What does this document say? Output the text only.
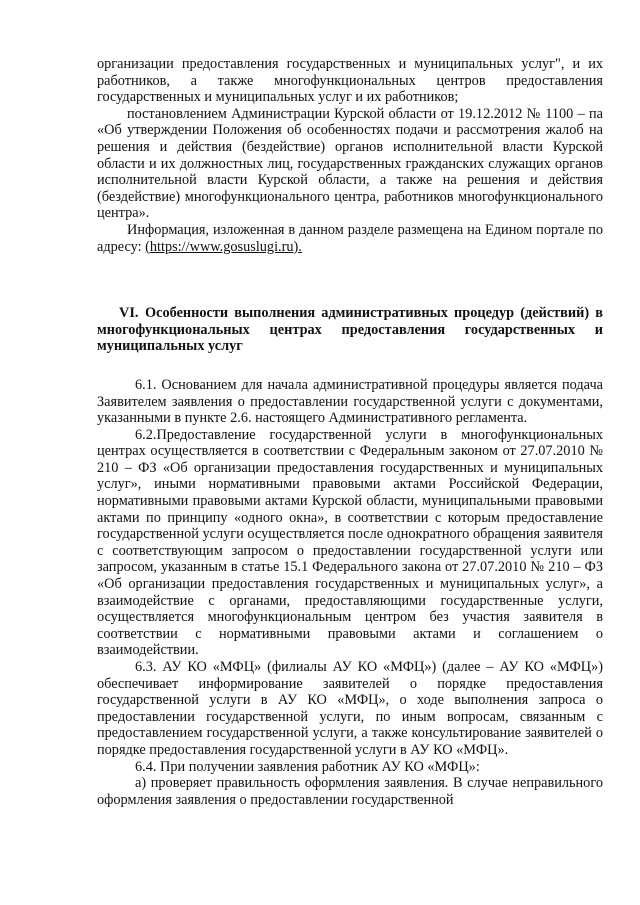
организации предоставления государственных и муниципальных услуг", и их работников, а также многофункциональных центров предоставления государственных и муниципальных услуг и их работников;

постановлением Администрации Курской области от 19.12.2012 № 1100 – па «Об утверждении Положения об особенностях подачи и рассмотрения жалоб на решения и действия (бездействие) органов исполнительной власти Курской области и их должностных лиц, государственных гражданских служащих органов исполнительной власти Курской области, а также на решения и действия (бездействие) многофункционального центра, работников многофункционального центра».

Информация, изложенная в данном разделе размещена на Едином портале по адресу: (https://www.gosuslugi.ru).

VI. Особенности выполнения административных процедур (действий) в многофункциональных центрах предоставления государственных и муниципальных услуг

6.1. Основанием для начала административной процедуры является подача Заявителем заявления о предоставлении государственной услуги с документами, указанными в пункте 2.6. настоящего Административного регламента.

6.2.Предоставление государственной услуги в многофункциональных центрах осуществляется в соответствии с Федеральным законом от 27.07.2010 № 210 – ФЗ «Об организации предоставления государственных и муниципальных услуг», иными нормативными правовыми актами Российской Федерации, нормативными правовыми актами Курской области, муниципальными правовыми актами по принципу «одного окна», в соответствии с которым предоставление государственной услуги осуществляется после однократного обращения заявителя с соответствующим запросом о предоставлении государственной услуги или запросом, указанным в статье 15.1 Федерального закона от 27.07.2010 № 210 – ФЗ «Об организации предоставления государственных и муниципальных услуг», а взаимодействие с органами, предоставляющими государственные услуги, осуществляется многофункциональным центром без участия заявителя в соответствии с нормативными правовыми актами и соглашением о взаимодействии.

6.3. АУ КО «МФЦ» (филиалы АУ КО «МФЦ») (далее – АУ КО «МФЦ») обеспечивает информирование заявителей о порядке предоставления государственной услуги в АУ КО «МФЦ», о ходе выполнения запроса о предоставлении государственной услуги, по иным вопросам, связанным с предоставлением государственной услуги, а также консультирование заявителей о порядке предоставления государственной услуги в АУ КО «МФЦ».

6.4. При получении заявления работник АУ КО «МФЦ»:

а) проверяет правильность оформления заявления. В случае неправильного оформления заявления о предоставлении государственной
